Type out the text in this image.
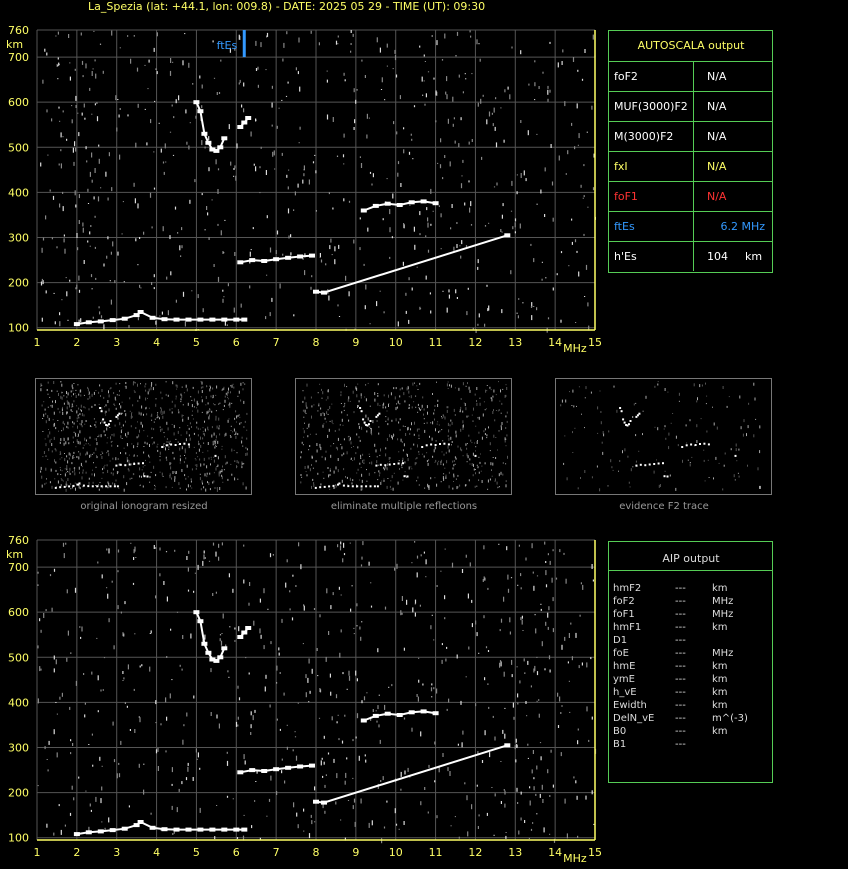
La_Spezia (lat: +44.1, lon: 009.8) - DATE: 2025 05 29 - TIME (UT): 09:30
ftEs
1	2	3	4	5	6	7	8	9	10 11 12 13 14 15
100
200
300
400
500
600
700
760
MHz
km	AUTOSCALA output
foF2	N/A
MUF(3000)F2 N/A
M(3000)F2	N/A
fxI	N/A
foF1	N/A
ftEs	6.2 MHz
h'Es	104 km
original ionogram resized	eliminate multiple reflections	evidence F2 trace
1	2	3	4	5	6	7	8	9	10 11 12 13 14 15
100
200
300
400
500
600
700
760
MHz
km	AIP output
hmF2	---	km
foF2	---	MHz
foF1	---	MHz
hmF1	---	km
D1	---
foE	---	MHz
hmE	---	km
ymE	---	km
h_vE	---	km
Ewidth	---	km
DelN_vE ---	m^(-3)
B0	---	km
B1	---
